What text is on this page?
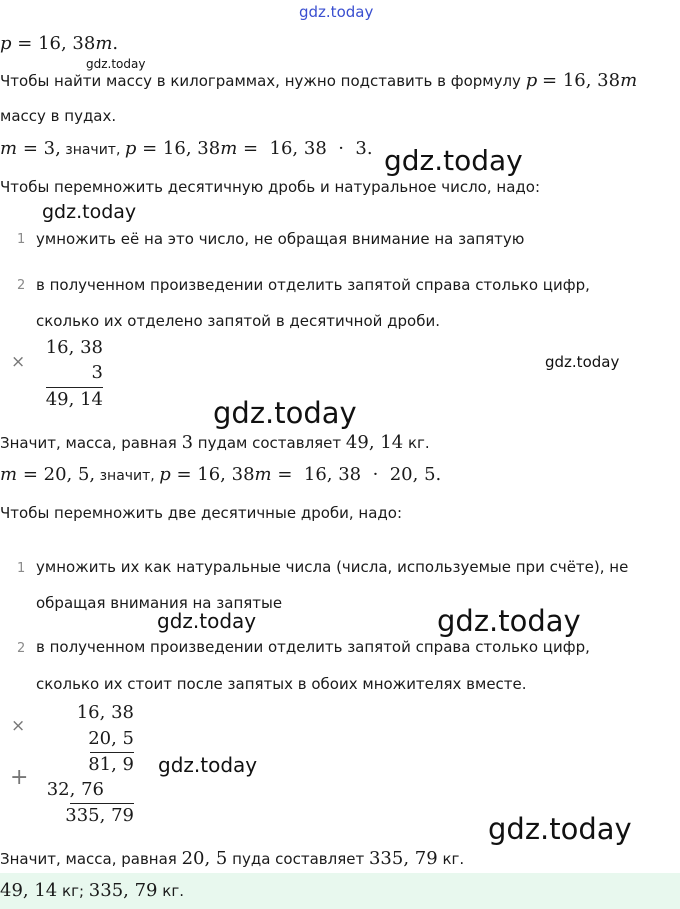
gdz.today
p = 16, 38m.
gdz.today
Чтобы найти массу в килограммах, нужно подставить в формулу p = 16, 38m
массу в пудах.
m = 3, значит, p = 16, 38m =  16, 38  ·  3. gdz.today
Чтобы перемножить десятичную дробь и натуральное число, надо:
gdz.today
1 умножить её на это число, не обращая внимание на запятую
2 в полученном произведении отделить запятой справа столько цифр,
сколько их отделено запятой в десятичной дроби.
×
16, 38
3
49, 14
gdz.today
gdz.today
Значит, масса, равная 3 пудам составляет 49, 14 кг.
m = 20, 5, значит, p = 16, 38m =  16, 38  ·  20, 5.
Чтобы перемножить две десятичные дроби, надо:
1 умножить их как натуральные числа (числа, используемые при счёте), не
обращая внимания на запятые
gdz.today	gdz.today
2 в полученном произведении отделить запятой справа столько цифр,
сколько их стоит после запятых в обоих множителях вместе.
×
16, 38
20, 5
81, 9
+	32, 76
335, 79
gdz.today
gdz.today
Значит, масса, равная 20, 5 пуда составляет 335, 79 кг.
49, 14 кг; 335, 79 кг.
